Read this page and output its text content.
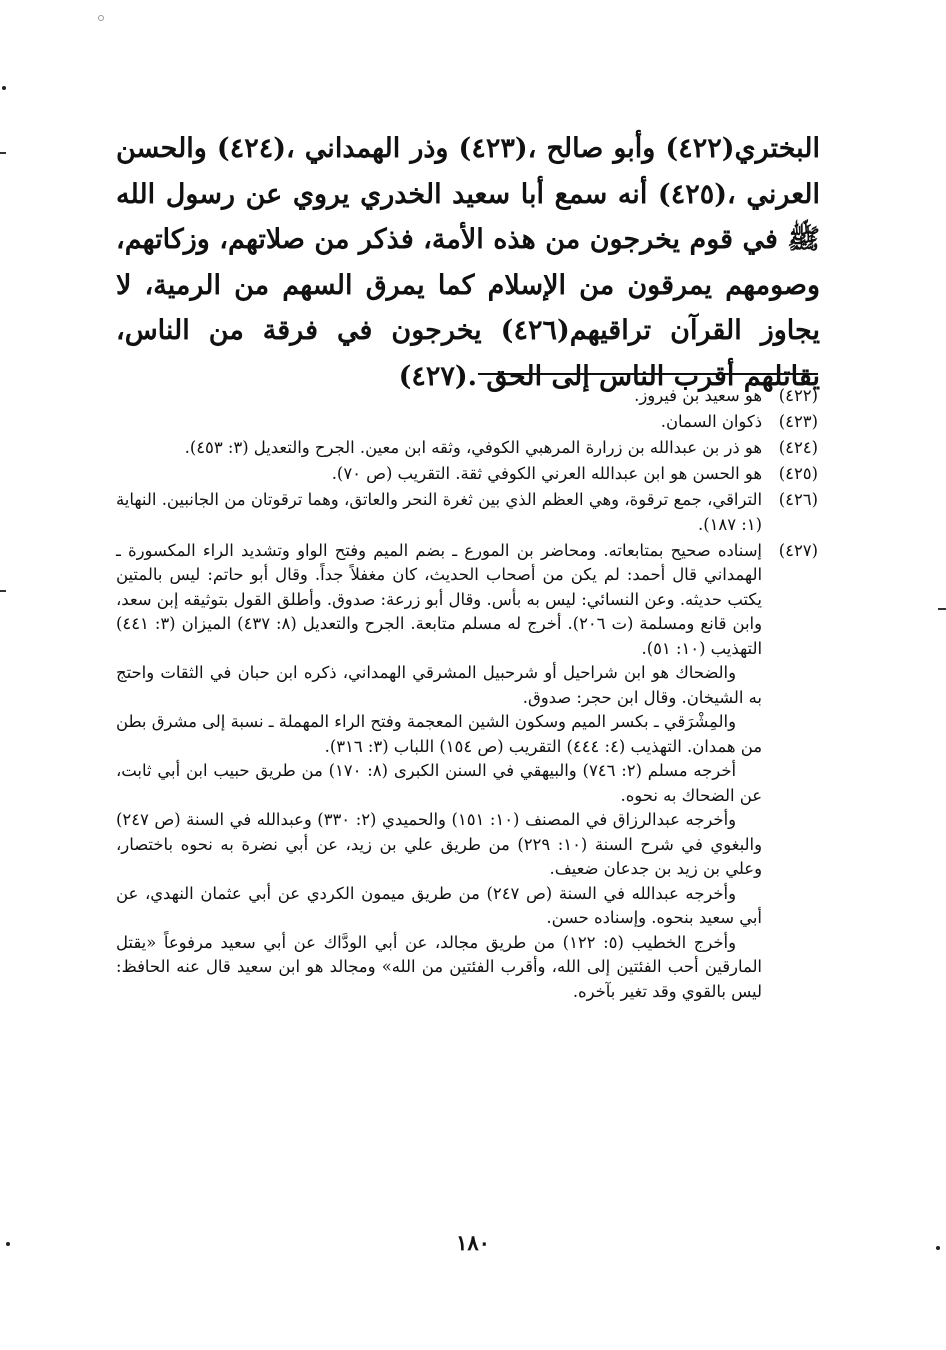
البختري(٤٢٢) وأبو صالح ،(٤٢٣) وذر الهمداني ،(٤٢٤) والحسن العرني ،(٤٢٥) أنه سمع أبا سعيد الخدري يروي عن رسول الله ﷺ في قوم يخرجون من هذه الأمة، فذكر من صلاتهم، وزكاتهم، وصومهم يمرقون من الإسلام كما يمرق السهم من الرمية، لا يجاوز القرآن تراقيهم(٤٢٦) يخرجون في فرقة من الناس، يقاتلهم أقرب الناس إلى الحق .(٤٢٧)

(٤٢٢)

هو سعيد بن فيروز.

(٤٢٣)

ذكوان السمان.

(٤٢٤)

هو ذر بن عبدالله بن زرارة المرهبي الكوفي، وثقه ابن معين. الجرح والتعديل (٣: ٤٥٣).

(٤٢٥)

هو الحسن هو ابن عبدالله العرني الكوفي ثقة. التقريب (ص ٧٠).

(٤٢٦)

التراقي، جمع ترقوة، وهي العظم الذي بين ثغرة النحر والعاتق، وهما ترقوتان من الجانبين. النهاية (١: ١٨٧).

(٤٢٧)

إسناده صحيح بمتابعاته. ومحاضر بن المورع ـ بضم الميم وفتح الواو وتشديد الراء المكسورة ـ الهمداني قال أحمد: لم يكن من أصحاب الحديث، كان مغفلاً جداً. وقال أبو حاتم: ليس بالمتين يكتب حديثه. وعن النسائي: ليس به بأس. وقال أبو زرعة: صدوق. وأطلق القول بتوثيقه إبن سعد، وابن قانع ومسلمة (ت ٢٠٦). أخرج له مسلم متابعة. الجرح والتعديل (٨: ٤٣٧) الميزان (٣: ٤٤١) التهذيب (١٠: ٥١).

والضحاك هو ابن شراحيل أو شرحبيل المشرقي الهمداني، ذكره ابن حبان في الثقات واحتج به الشيخان. وقال ابن حجر: صدوق.

والمِشْرَقي ـ بكسر الميم وسكون الشين المعجمة وفتح الراء المهملة ـ نسبة إلى مشرق بطن من همدان. التهذيب (٤: ٤٤٤) التقريب (ص ١٥٤) اللباب (٣: ٣١٦).

أخرجه مسلم (٢: ٧٤٦) والبيهقي في السنن الكبرى (٨: ١٧٠) من طريق حبيب ابن أبي ثابت، عن الضحاك به نحوه.

وأخرجه عبدالرزاق في المصنف (١٠: ١٥١) والحميدي (٢: ٣٣٠) وعبدالله في السنة (ص ٢٤٧) والبغوي في شرح السنة (١٠: ٢٢٩) من طريق علي بن زيد، عن أبي نضرة به نحوه باختصار، وعلي بن زيد بن جدعان ضعيف.

وأخرجه عبدالله في السنة (ص ٢٤٧) من طريق ميمون الكردي عن أبي عثمان النهدي، عن أبي سعيد بنحوه. وإسناده حسن.

وأخرج الخطيب (٥: ١٢٢) من طريق مجالد، عن أبي الودَّاك عن أبي سعيد مرفوعاً «يقتل المارقين أحب الفئتين إلى الله، وأقرب الفئتين من الله» ومجالد هو ابن سعيد قال عنه الحافظ: ليس بالقوي وقد تغير بآخره.

١٨٠
